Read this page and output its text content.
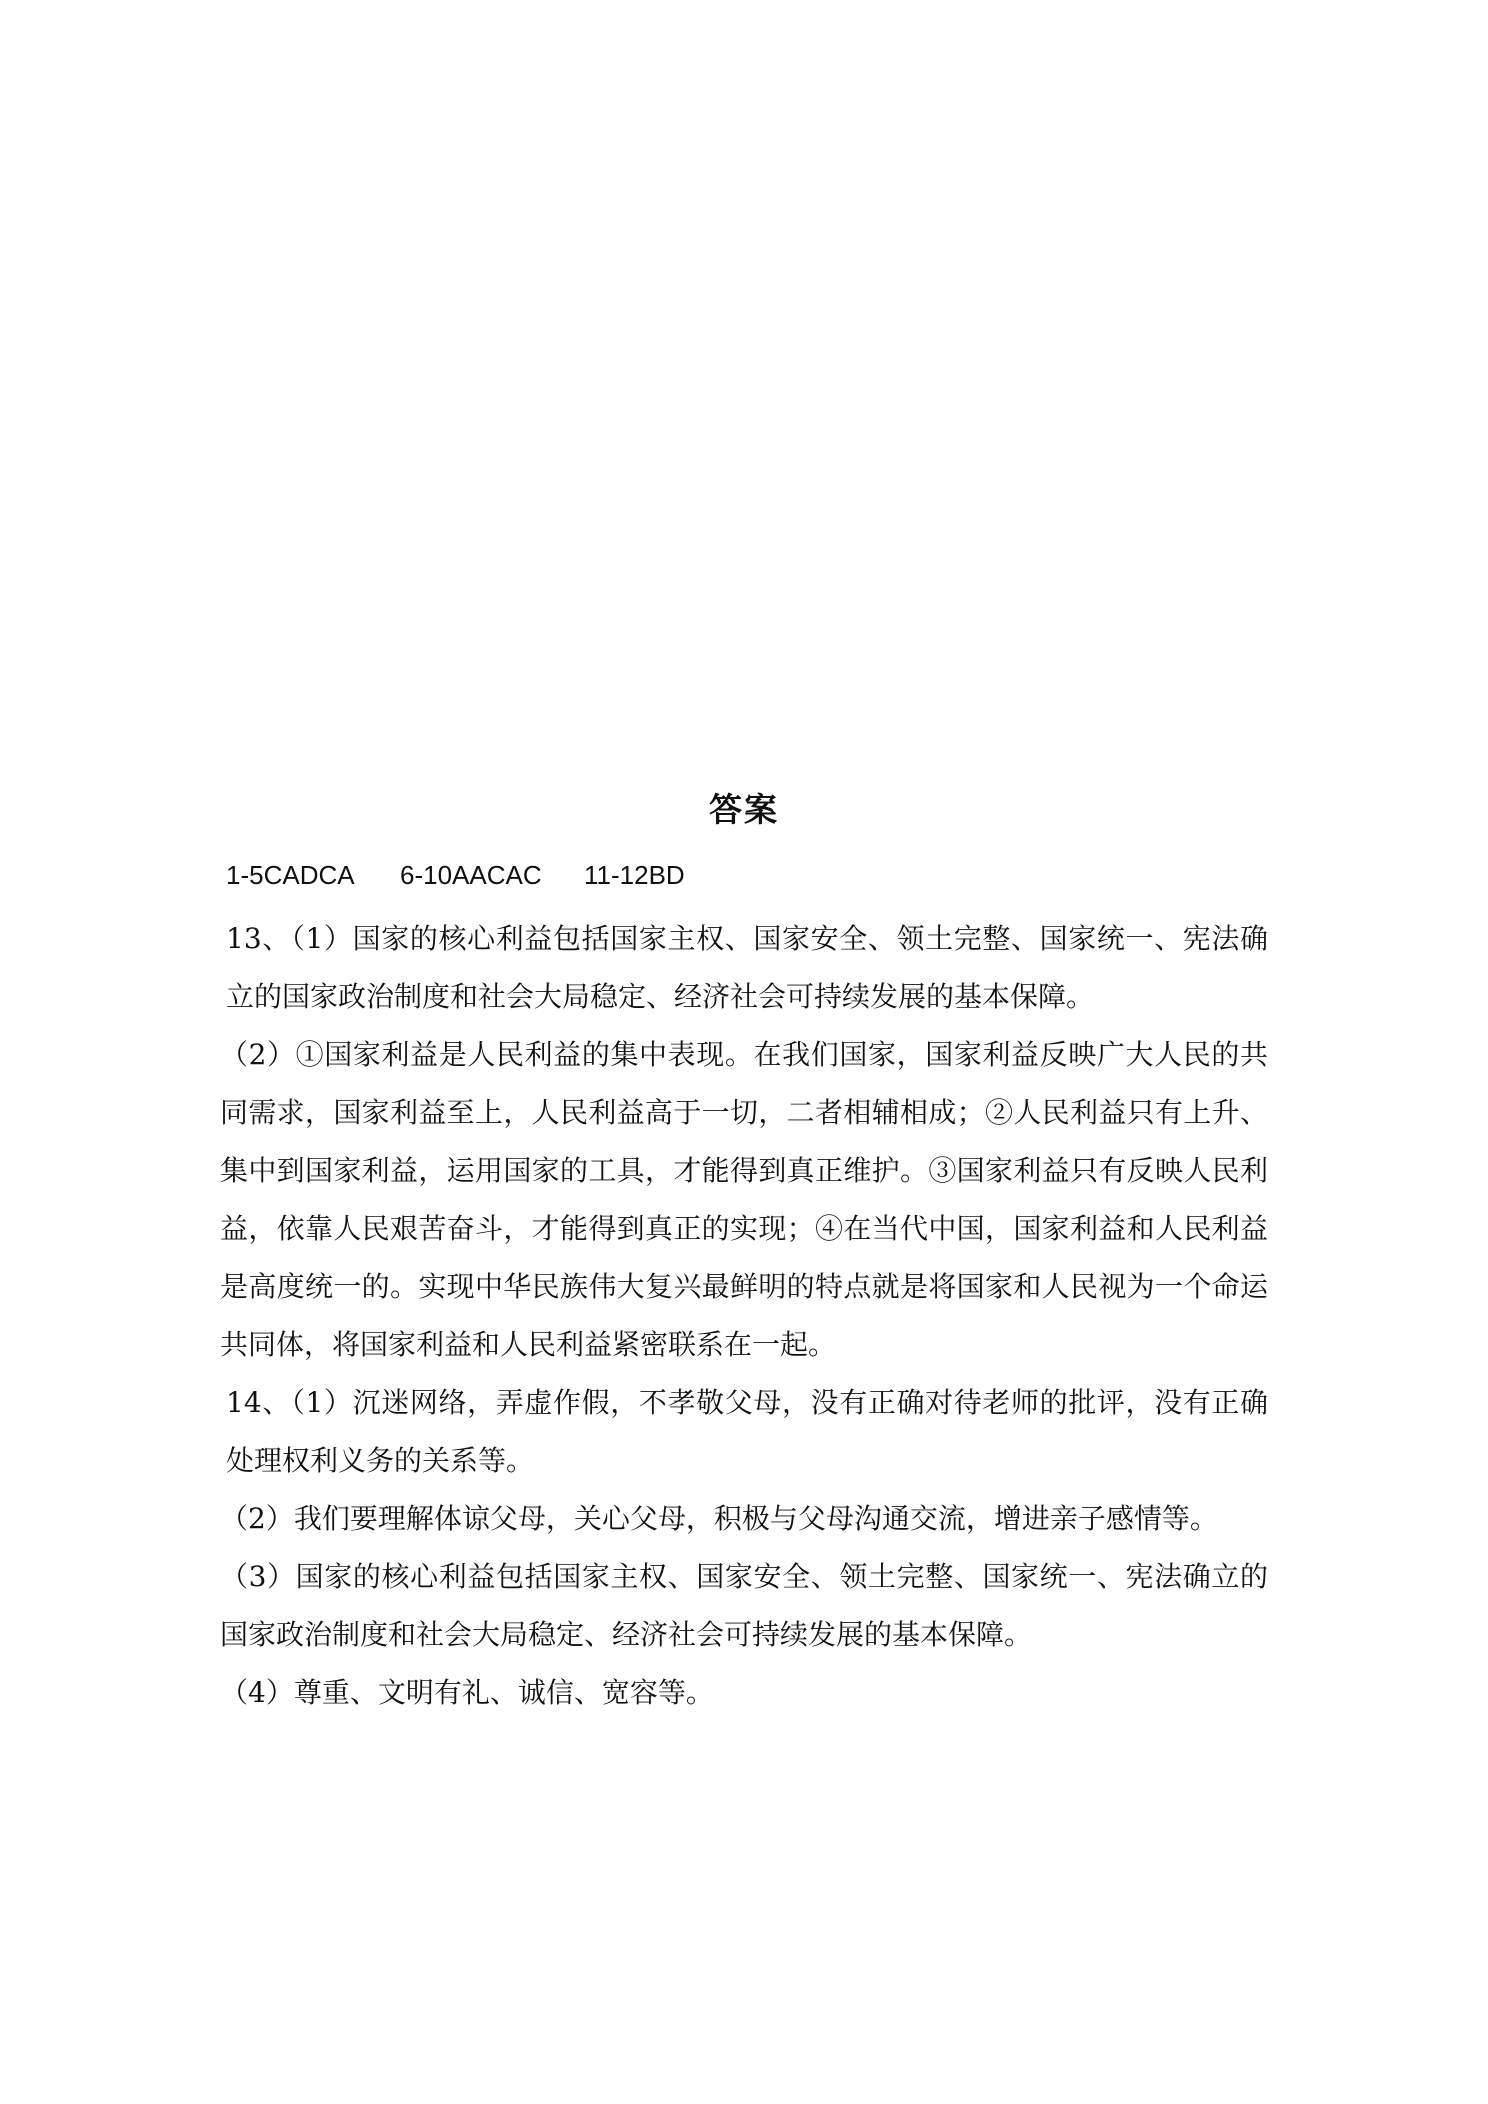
答案
1-5CADCA 6-10AACAC 11-12BD

13、（1）国家的核心利益包括国家主权、国家安全、领土完整、国家统一、宪法确立的国家政治制度和社会大局稳定、经济社会可持续发展的基本保障。

（2）①国家利益是人民利益的集中表现。在我们国家，国家利益反映广大人民的共同需求，国家利益至上，人民利益高于一切，二者相辅相成；②人民利益只有上升、集中到国家利益，运用国家的工具，才能得到真正维护。③国家利益只有反映人民利益，依靠人民艰苦奋斗，才能得到真正的实现；④在当代中国，国家利益和人民利益是高度统一的。实现中华民族伟大复兴最鲜明的特点就是将国家和人民视为一个命运共同体，将国家利益和人民利益紧密联系在一起。

14、（1）沉迷网络，弄虚作假，不孝敬父母，没有正确对待老师的批评，没有正确处理权利义务的关系等。

（2）我们要理解体谅父母，关心父母，积极与父母沟通交流，增进亲子感情等。

（3）国家的核心利益包括国家主权、国家安全、领土完整、国家统一、宪法确立的国家政治制度和社会大局稳定、经济社会可持续发展的基本保障。

（4）尊重、文明有礼、诚信、宽容等。
